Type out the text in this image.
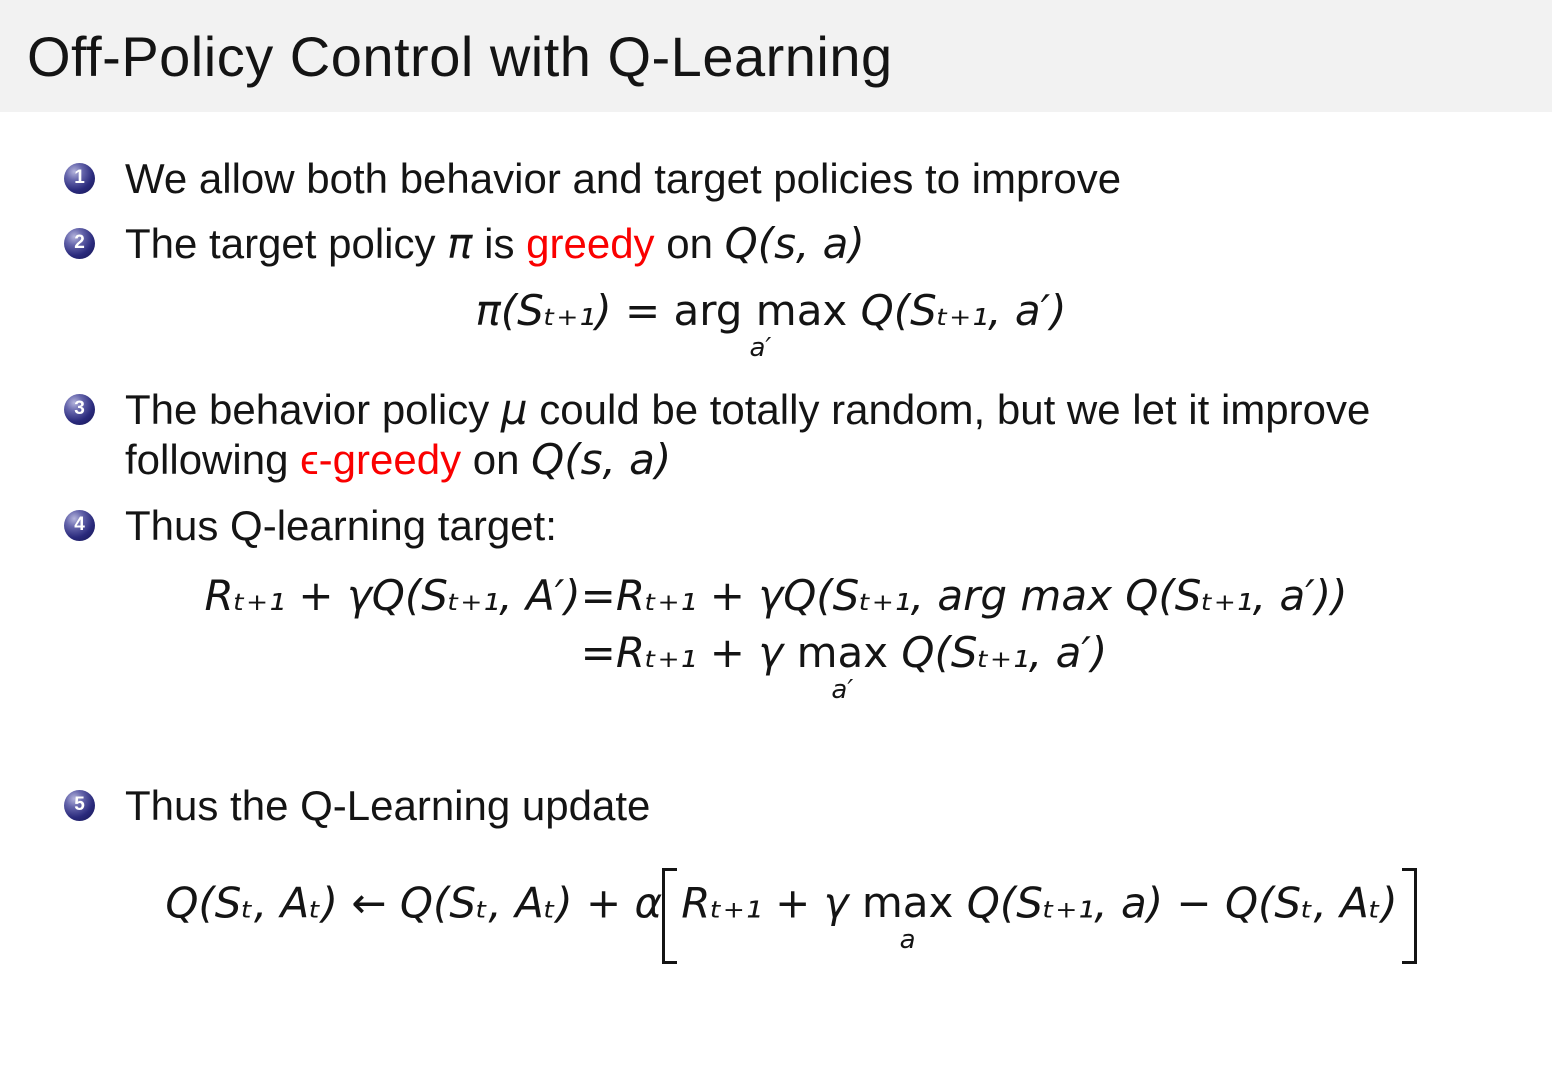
Off-Policy Control with Q-Learning
1 We allow both behavior and target policies to improve
2 The target policy π is greedy on Q(s, a)
π(Sₜ₊₁) = arg max
a′
Q(Sₜ₊₁, a′)
3 The behavior policy μ could be totally random, but we let it improve
following ϵ-greedy on Q(s, a)
4 Thus Q-learning target:
Rₜ₊₁ + γQ(Sₜ₊₁, A′) =Rₜ₊₁ + γQ(Sₜ₊₁, arg max Q(Sₜ₊₁, a′))
=Rₜ₊₁ + γ max
a′
Q(Sₜ₊₁, a′)
5 Thus the Q-Learning update
Q(Sₜ, Aₜ) ← Q(Sₜ, Aₜ) + α Rₜ₊₁ + γ max
a
Q(Sₜ₊₁, a) − Q(Sₜ, Aₜ)
